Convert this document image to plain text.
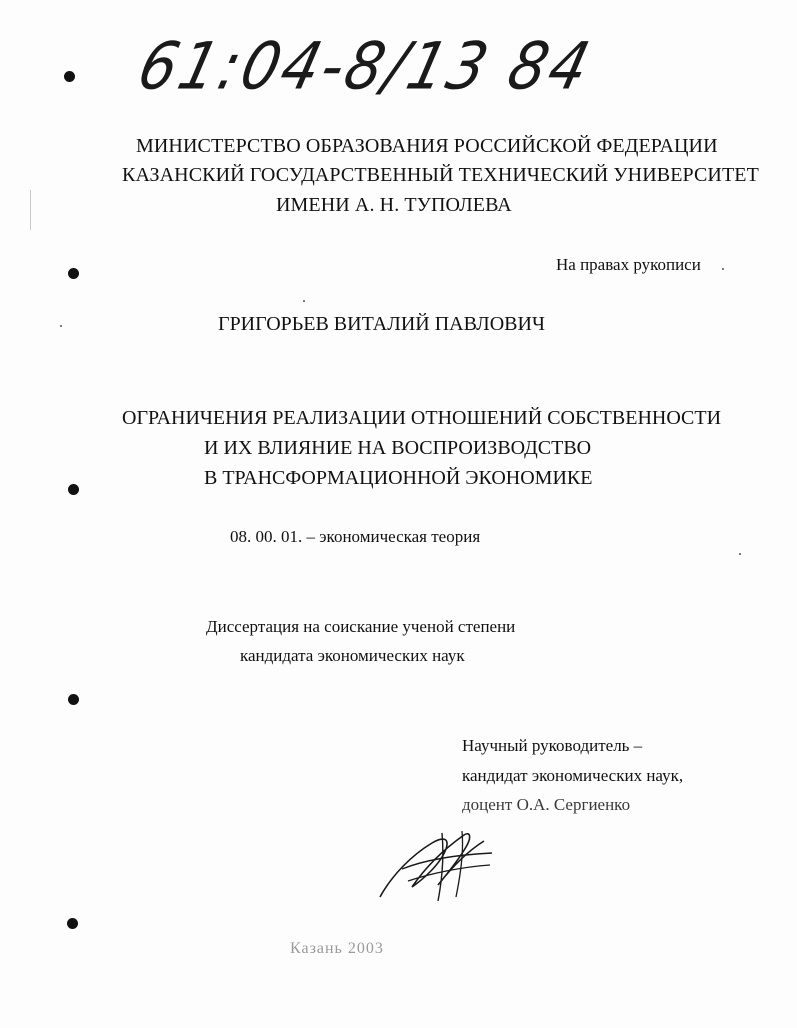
61:04-8/13 84
МИНИСТЕРСТВО ОБРАЗОВАНИЯ РОССИЙСКОЙ ФЕДЕРАЦИИ
КАЗАНСКИЙ ГОСУДАРСТВЕННЫЙ ТЕХНИЧЕСКИЙ УНИВЕРСИТЕТ
ИМЕНИ А. Н. ТУПОЛЕВА
На правах рукописи
ГРИГОРЬЕВ ВИТАЛИЙ ПАВЛОВИЧ
ОГРАНИЧЕНИЯ РЕАЛИЗАЦИИ ОТНОШЕНИЙ СОБСТВЕННОСТИ
И ИХ ВЛИЯНИЕ НА ВОСПРОИЗВОДСТВО
В ТРАНСФОРМАЦИОННОЙ ЭКОНОМИКЕ
08. 00. 01. – экономическая теория
Диссертация на соискание ученой степени
кандидата экономических наук
Научный руководитель –
кандидат экономических наук,
доцент О.А. Сергиенко
Казань 2003
